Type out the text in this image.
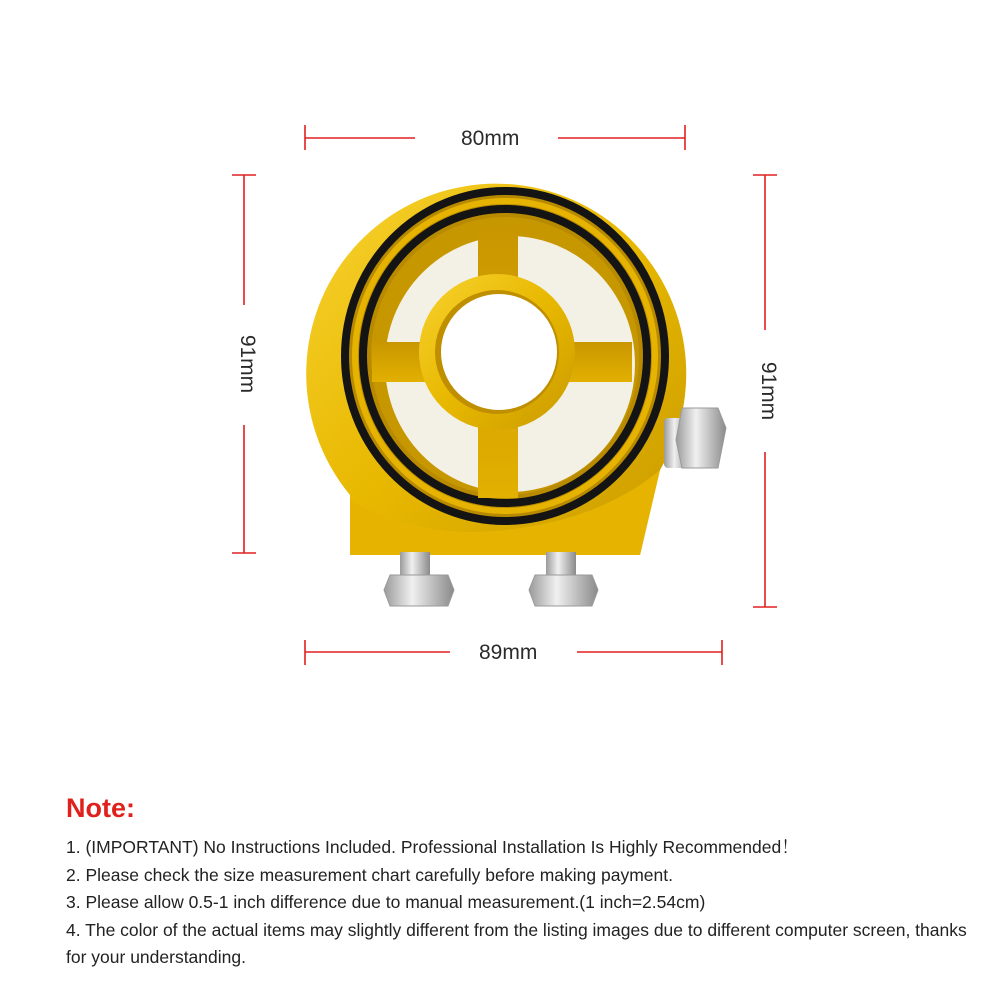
80mm
91mm	91mm
89mm
Note:
1. (IMPORTANT) No Instructions Included. Professional Installation Is Highly Recommended！
2. Please check the size measurement chart carefully before making payment.
3. Please allow 0.5-1 inch difference due to manual measurement.(1 inch=2.54cm)
4. The color of the actual items may slightly different from the listing images due to different computer screen, thanks for your understanding.
